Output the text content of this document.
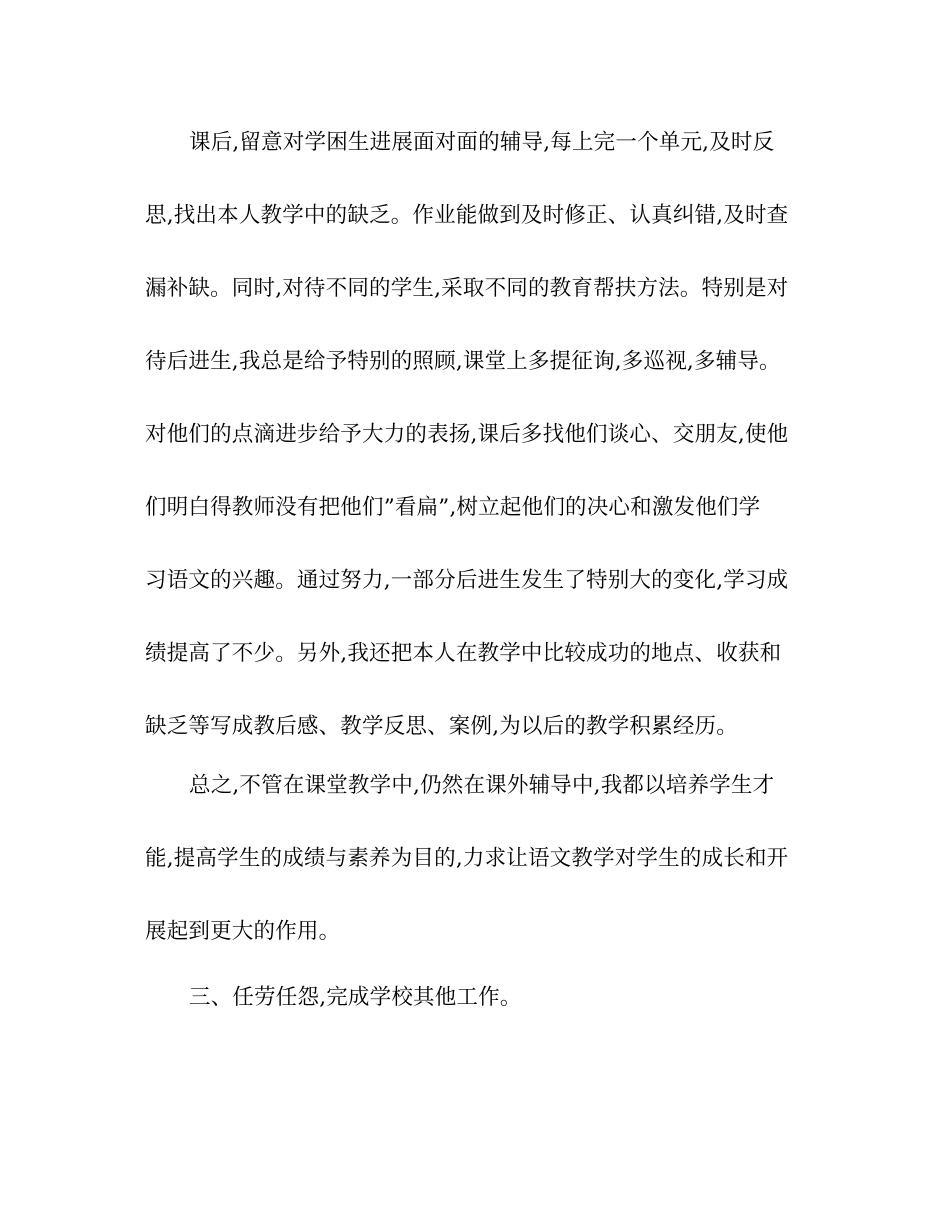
课后,留意对学困生进展面对面的辅导,每上完一个单元,及时反
思,找出本人教学中的缺乏。作业能做到及时修正、认真纠错,及时查
漏补缺。同时,对待不同的学生,采取不同的教育帮扶方法。特别是对
待后进生,我总是给予特别的照顾,课堂上多提征询,多巡视,多辅导。
对他们的点滴进步给予大力的表扬,课后多找他们谈心、交朋友,使他
们明白得教师没有把他们”看扁”,树立起他们的决心和激发他们学
习语文的兴趣。通过努力,一部分后进生发生了特别大的变化,学习成
绩提高了不少。另外,我还把本人在教学中比较成功的地点、收获和
缺乏等写成教后感、教学反思、案例,为以后的教学积累经历。
总之,不管在课堂教学中,仍然在课外辅导中,我都以培养学生才
能,提高学生的成绩与素养为目的,力求让语文教学对学生的成长和开
展起到更大的作用。
三、任劳任怨,完成学校其他工作。
